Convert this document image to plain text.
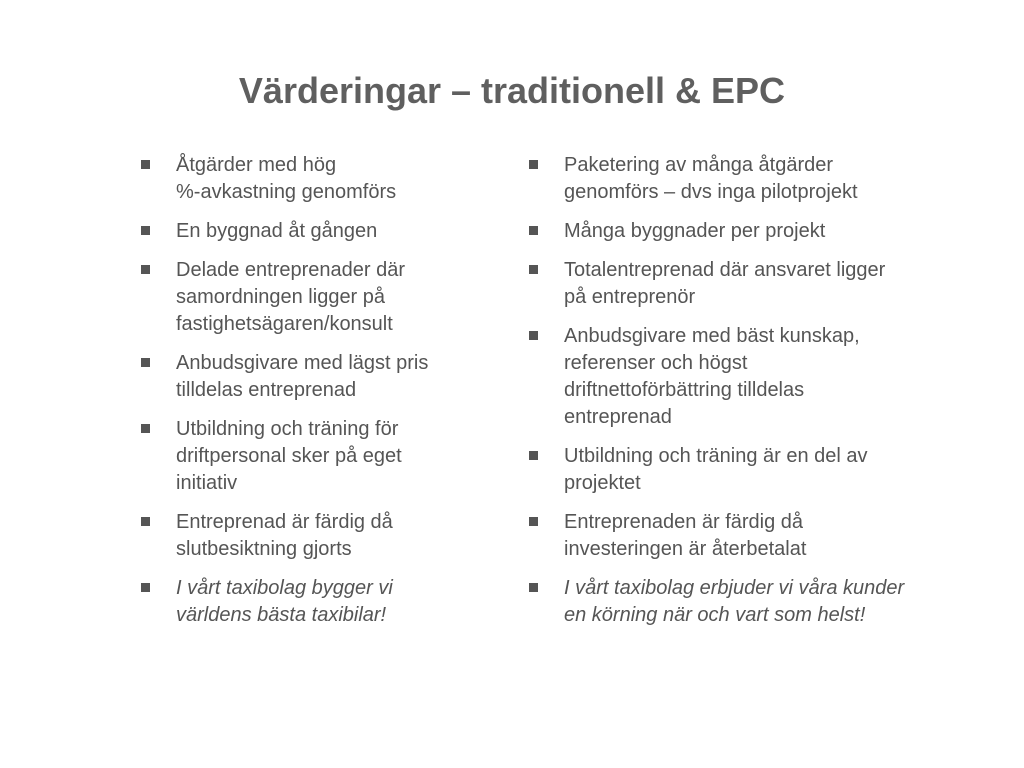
Värderingar – traditionell & EPC
Åtgärder med hög
%-avkastning genomförs
En byggnad åt gången
Delade entreprenader där
samordningen ligger på
fastighetsägaren/konsult
Anbudsgivare med lägst pris
tilldelas entreprenad
Utbildning och träning för
driftpersonal sker på eget
initiativ
Entreprenad är färdig då
slutbesiktning gjorts
I vårt taxibolag bygger vi
världens bästa taxibilar!
Paketering av många åtgärder
genomförs – dvs inga pilotprojekt
Många byggnader per projekt
Totalentreprenad där ansvaret ligger
på entreprenör
Anbudsgivare med bäst kunskap,
referenser och högst
driftnettoförbättring tilldelas
entreprenad
Utbildning och träning är en del av
projektet
Entreprenaden är färdig då
investeringen är återbetalat
I vårt taxibolag erbjuder vi våra kunder
en körning när och vart som helst!
